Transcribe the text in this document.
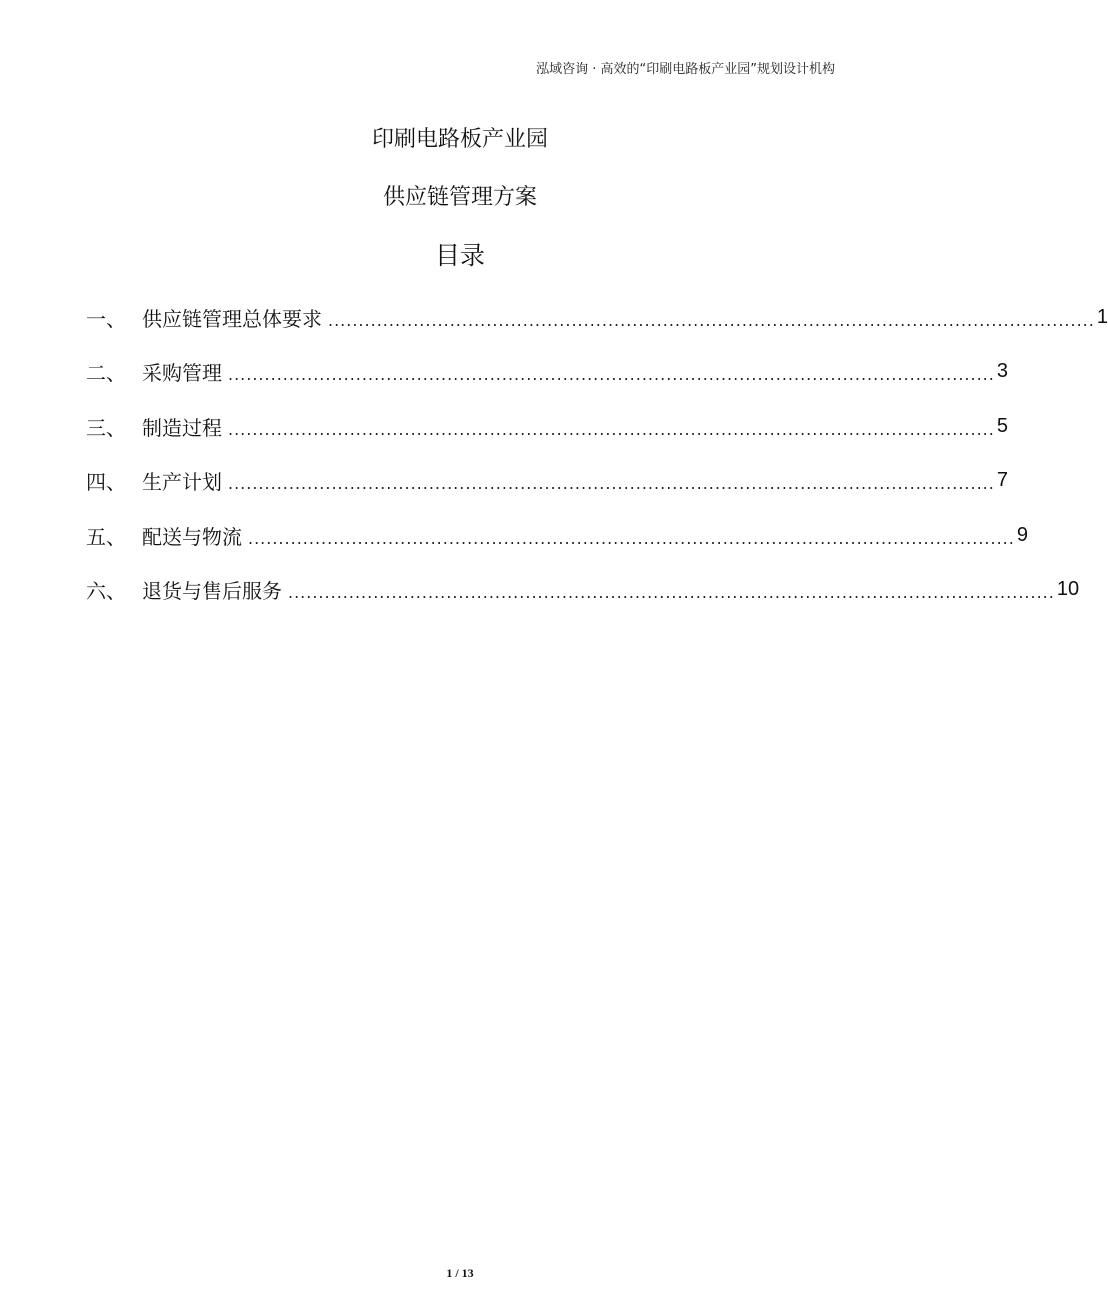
泓域咨询 · 高效的“印刷电路板产业园”规划设计机构
印刷电路板产业园
供应链管理方案
目录
一、 供应链管理总体要求 .............................................................................................................................. 1
二、 采购管理 .............................................................................................................................. 3
三、 制造过程 .............................................................................................................................. 5
四、 生产计划 .............................................................................................................................. 7
五、 配送与物流 .............................................................................................................................. 9
六、 退货与售后服务 .............................................................................................................................. 10
1 / 13
